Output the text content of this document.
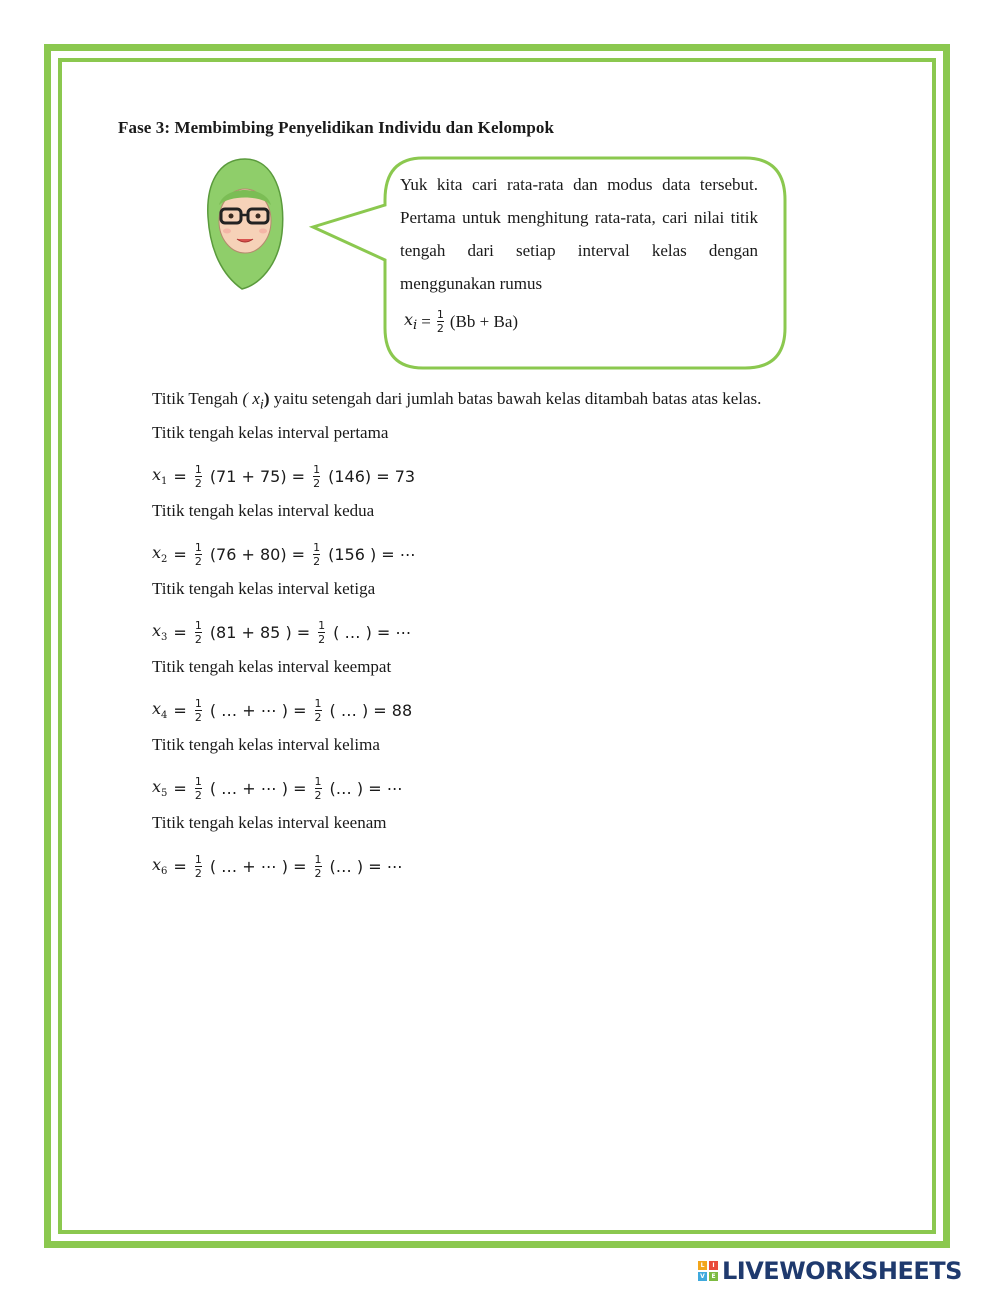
Fase 3: Membimbing Penyelidikan Individu dan Kelompok
Yuk kita cari rata-rata dan modus data tersebut. Pertama untuk menghitung rata-rata, cari nilai titik tengah dari setiap interval kelas dengan menggunakan rumus
$x_i = \frac{1}{2} (Bb + Ba)$
Titik Tengah ( $x_i$) yaitu setengah dari jumlah batas bawah kelas ditambah batas atas kelas.
Titik tengah kelas interval pertama
$x_1 = \frac{1}{2} (71 + 75) = \frac{1}{2} (146) = 73$
Titik tengah kelas interval kedua
$x_2 = \frac{1}{2} (76 + 80) = \frac{1}{2} (156$ ) = ⋯
Titik tengah kelas interval ketiga
$x_3 = \frac{1}{2} (81 + 85$ ) = $\frac{1}{2}$ ( … ) = ⋯
Titik tengah kelas interval keempat
$x_4 = \frac{1}{2}$ ( … + ⋯ ) = $\frac{1}{2}$ ( … ) = 88
Titik tengah kelas interval kelima
$x_5 = \frac{1}{2}$ ( … + ⋯ ) = $\frac{1}{2}$ (… ) = ⋯
Titik tengah kelas interval keenam
$x_6 = \frac{1}{2}$ ( … + ⋯ ) = $\frac{1}{2}$ (… ) = ⋯
L	I
V	E LIVEWORKSHEETS
